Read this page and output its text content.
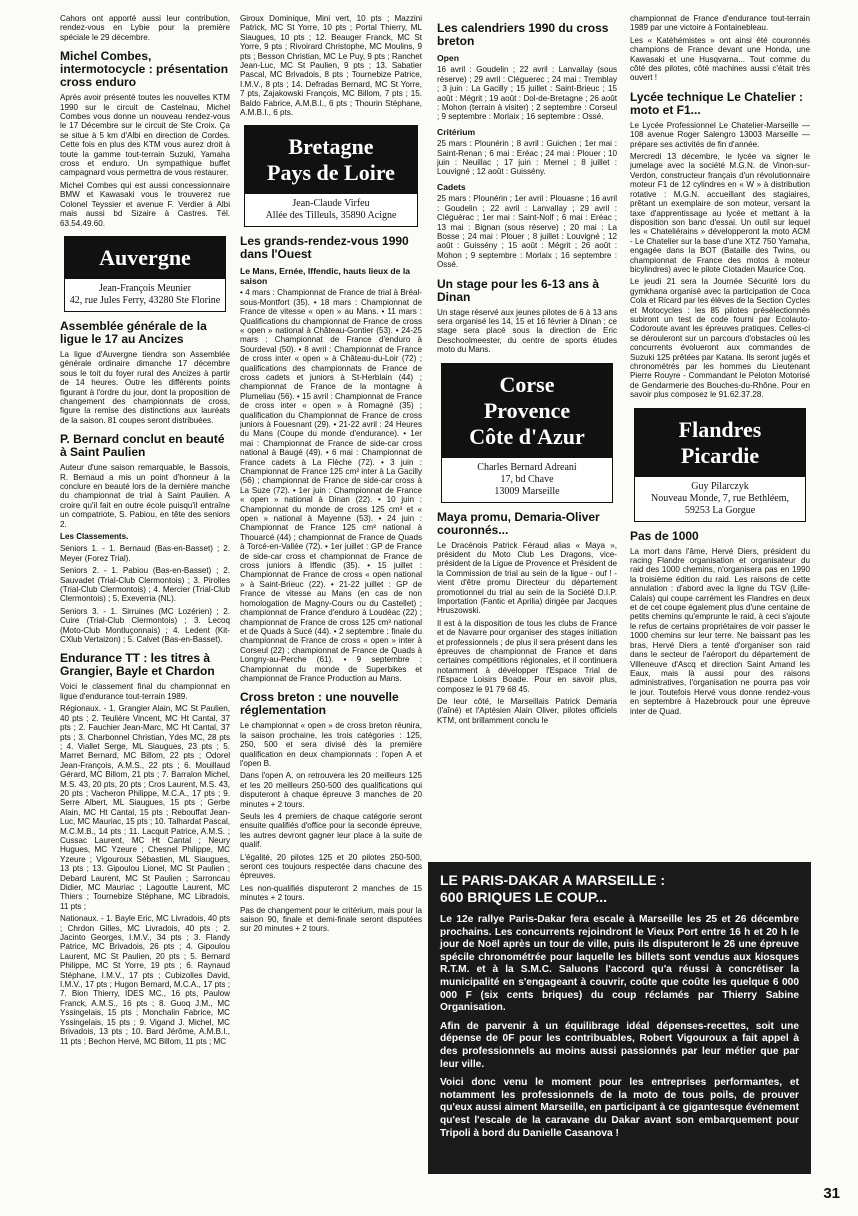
Cahors ont apporté aussi leur contribution, rendez-vous en Lybie pour la première spéciale le 29 décembre.

Michel Combes, intermotocycle : présentation cross enduro

Après avoir présenté toutes les nouvelles KTM 1990 sur le circuit de Castelnau, Michel Combes vous donne un nouveau rendez-vous le 17 Décembre sur le circuit de Ste Croix. Ça se situe à 5 km d'Albi en direction de Cordes. Cette fois en plus des KTM vous aurez droit à toute la gamme tout-terrain Suzuki, Yamaha cross et enduro. Un sympathique buffet campagnard vous permettra de vous restaurer.

Michel Combes qui est aussi concessionnaire BMW et Kawasaki vous le trouverez rue Colonel Teyssier et avenue F. Verdier à Albi mais aussi bd Sizaire à Castres. Tél. 63.54.49.60.

Auvergne
Jean-François Meunier
42, rue Jules Ferry, 43280 Ste Florine
Assemblée générale de la ligue le 17 au Ancizes

La ligue d'Auvergne tiendra son Assemblée générale ordinaire dimanche 17 décembre sous le toit du foyer rural des Ancizes à partir de 14 heures. Outre les différents points figurant à l'ordre du jour, dont la proposition de changement des championnats de cross, figure la remise des distinctions aux lauréats de la saison. 81 coupes seront distribuées.

P. Bernard conclut en beauté à Saint Paulien

Auteur d'une saison remarquable, le Bassois, R. Bernaud a mis un point d'honneur à la conclure en beauté lors de la dernière manche du championnat de trial à Saint Paulien. A croire qu'il fait en outre école puisqu'il entraîne un compatriote, S. Pabiou, en tête des seniors 2.

Les Classements.

Seniors 1. - 1. Bernaud (Bas-en-Basset) ; 2. Meyer (Forez Trial).

Seniors 2. - 1. Pabiou (Bas-en-Basset) ; 2. Sauvadet (Trial-Club Clermontois) ; 3. Pirolles (Trial-Club Clermontois) ; 4. Mercier (Trial-Club Clermontois) ; 5. Exeverria (NL).

Seniors 3. - 1. Sirruines (MC Lozérien) ; 2. Cuire (Trial-Club Clermontois) ; 3. Lecoq (Moto-Club Montluçonnais) ; 4. Ledent (Kit-CXlub Vertaizon) ; 5. Calvet (Bas-en-Basset).

Endurance TT : les titres à Grangier, Bayle et Chardon

Voici le classement final du championnat en ligue d'endurance tout-terrain 1989.

Régionaux. - 1. Grangier Alain, MC St Paulien, 40 pts ; 2. Teulière Vincent, MC Ht Cantal, 37 pts ; 2. Fauchier Jean-Marc, MC Ht Cantal, 37 pts ; 3. Charbonnel Christian, Ydes MC, 28 pts ; 4. Viallet Serge, ML Siaugues, 23 pts ; 5. Marret Bernard, MC Billom, 22 pts ; Odorel Jean-François, A.M.S., 22 pts ; 6. Mouillaud Gérard, MC Billom, 21 pts ; 7. Barralon Michel, M.S. 43, 20 pts, 20 pts ; Cros Laurent, M.S. 43, 20 pts ; Vacheron Philippe, M.C.A., 17 pts ; 9. Serre Albert, ML Siaugues, 15 pts ; Gerbe Alain, MC Ht Cantal, 15 pts ; Rebouffat Jean-Luc, MC Mauriac, 15 pts ; 10. Talhardat Pascal, M.C.M.B., 14 pts ; 11. Lacquit Patrice, A.M.S. ; Cussac Laurent, MC Ht Cantal ; Neury Hugues, MC Yzeure ; Chesnel Philippe, MC Yzeure ; Vigouroux Sébastien, ML Siaugues, 13 pts ; 13. Gipoulou Lionel, MC St Paulien ; Debard Laurent, MC St Paulien ; Sarroncau Didier, MC Mauriac ; Lagoutte Laurent, MC Thiers ; Tournebize Stéphane, MC Libradois, 11 pts ;

Nationaux. - 1. Bayle Eric, MC Livradois, 40 pts ; Chrdon Gilles, MC Livradois, 40 pts ; 2. Jacinto Georges, I.M.V., 34 pts ; 3. Flandy Patrice, MC Brivadois, 26 pts ; 4. Gipoulou Laurent, MC St Paulien, 20 pts ; 5. Bernard Philippe, MC St Yorre, 19 pts ; 6. Raynaud Stéphane, I.M.V., 17 pts ; Cubizolles David, I.M.V., 17 pts ; Hugon Bernard, M.C.A., 17 pts ; 7. Bion Thierry, IDES MC., 16 pts, Paulow Franck, A.M.S., 16 pts ; 8. Guoq J.M., MC Yssingelais, 15 pts ; Monchalin Fabrice, MC Yssingelais, 15 pts ; 9. Vigand J. Michel, MC Brivadois, 13 pts ; 10. Bard Jérôme, A.M.B.I., 11 pts ; Bechon Hervé, MC Billom, 11 pts ; MC

Giroux Dominique, Mini vert, 10 pts ; Mazzini Patrick, MC St Yorre, 10 pts ; Portal Thierry, ML Siaugues, 10 pts ; 12. Beauger Franck, MC St Yorre, 9 pts ; Rivoirard Christophe, MC Moulins, 9 pts ; Besson Christian, MC Le Puy, 9 pts ; Ranchet Jean-Luc, MC St Paulien, 9 pts ; 13. Sabatier Pascal, MC Brivadois, 8 pts ; Tournebize Patrice, I.M.V., 8 pts ; 14. Defradas Bernard, MC St Yorre, 7 pts, Zajakowski François, MC Billom, 7 pts ; 15. Baldo Fabrice, A.M.B.I., 6 pts ; Thourin Stéphane, A.M.B.I., 6 pts.

Bretagne
Pays de Loire
Jean-Claude Virfeu
Allée des Tilleuls, 35890 Acigne
Les grands-rendez-vous 1990 dans l'Ouest
Le Mans, Ernée, Iffendic, hauts lieux de la saison

• 4 mars : Championnat de France de trial à Bréal-sous-Montfort (35). • 18 mars : Championnat de France de vitesse « open » au Mans. • 11 mars : Qualifications du championnat de France de cross « open » national à Château-Gontier (53). • 24-25 mars : Championnat de France d'enduro à Sourdeval (50). • 8 avril : Championnat de France de cross inter « open » à Château-du-Loir (72) ; qualifications des championnats de France de cross cadets et juniors à St-Herblain (44) ; championnat de France de la montagne à Plumeliau (56). • 15 avril : Championnat de France de cross inter « open » à Romagné (35) ; qualification du Championnat de France de cross juniors à Fouesnant (29). • 21-22 avril : 24 Heures du Mans (Coupe du monde d'endurance). • 1er mai : Championnat de France de side-car cross national à Baugé (49). • 6 mai : Championnat de France cadets à La Flèche (72). • 3 juin : Championnat de France 125 cm³ inter à La Gacilly (56) ; championnat de France de side-car cross à La Suze (72). • 1er juin : Championnat de France « open » national à Dinan (22). • 10 juin : Championnat du monde de cross 125 cm³ et « open » national à Mayenne (53). • 24 juin : Championnat de France 125 cm³ national à Thouarcé (44) ; championnat de France de Quads à Torcé-en-Vallée (72). • 1er juillet : GP de France de side-car cross et championnat de France de cross juniors à Iffendic (35). • 15 juillet : Championnat de France de cross « open national » à Saint-Brieuc (22). • 21-22 juillet : GP de France de vitesse au Mans (en cas de non homologation de Magny-Cours ou du Castellet) ; championnat de France d'enduro à Loudéac (22) ; championnat de France de cross 125 cm³ national et de Quads à Sucé (44). • 2 septembre : finale du championnat de France de cross « open » inter à Corseul (22) ; championnat de France de Quads à Longny-au-Perche (61). • 9 septembre : Championnat du monde de Superbikes et championnat de France Production au Mans.

Cross breton : une nouvelle réglementation

Le championnat « open » de cross breton réunira, la saison prochaine, les trois catégories : 125, 250, 500 et sera divisé dès la première qualification en deux championnats : l'open A et l'open B.

Dans l'open A, on retrouvera les 20 meilleurs 125 et les 20 meilleurs 250-500 des qualifications qui disputeront à chaque épreuve 3 manches de 20 minutes + 2 tours.

Seuls les 4 premiers de chaque catégorie seront ensuite qualifiés d'office pour la seconde épreuve, les autres devront gagner leur place à la suite de qualif.

L'égalité, 20 pilotes 125 et 20 pilotes 250-500, seront ces toujours respectée dans chacune des épreuves.

Les non-qualifiés disputeront 2 manches de 15 minutes + 2 tours.

Pas de changement pour le critérium, mais pour la saison 90, finale et demi-finale seront disputées sur 20 minutes + 2 tours.

Les calendriers 1990 du cross breton
Open

16 avril : Goudelin ; 22 avril : Lanvallay (sous réserve) ; 29 avril : Cléguerec ; 24 mai : Tremblay ; 3 juin : La Gacilly ; 15 juillet : Saint-Brieuc ; 15 août : Mégrit ; 19 août : Dol-de-Bretagne ; 26 août : Mohon (terrain à visiter) ; 2 septembre : Corseul ; 9 septembre : Morlaix ; 16 septembre : Ossé.

Critérium

25 mars : Plounérin ; 8 avril : Guichen ; 1er mai : Saint-Renan ; 6 mai : Eréac ; 24 mai : Plouer ; 10 juin : Neuillac ; 17 juin : Mernel ; 8 juillet : Louvigné ; 12 août : Guissény.

Cadets

25 mars : Plounérin ; 1er avril : Plouasne ; 16 avril : Goudelin ; 22 avril : Lanvallay ; 29 avril : Cléguérac ; 1er mai : Saint-Nolf ; 6 mai : Eréac ; 13 mai : Bignan (sous réserve) ; 20 mai : La Bosse ; 24 mai : Plouer ; 8 juillet : Louvigné ; 12 août : Guissény ; 15 août : Mégrit ; 26 août : Mohon ; 9 septembre : Morlaix ; 16 septembre : Ossé.

Un stage pour les 6-13 ans à Dinan

Un stage réservé aux jeunes pilotes de 6 à 13 ans sera organisé les 14, 15 et 16 février à Dinan ; ce stage sera placé sous la direction de Eric Deschoolmeester, du centre de sports études moto du Mans.

Corse
Provence
Côte d'Azur
Charles Bernard Adreani
17, bd Chave
13009 Marseille
Maya promu, Demaria-Oliver couronnés...

Le Dracénois Patrick Féraud alias « Maya », président du Moto Club Les Dragons, vice-président de la Ligue de Provence et Président de la Commission de trial au sein de la ligue - ouf ! - vient d'être promu Directeur du département promotionnel du trial au sein de la Société D.I.P. Importation (Fantic et Aprilia) dirigée par Jacques Hruszowski.

Il est à la disposition de tous les clubs de France et de Navarre pour organiser des stages initiation et professionnels ; de plus il sera présent dans les épreuves de championnat de France et dans certaines compétitions régionales, et il continuera notamment à développer l'Espace Trial de l'Espace Loisirs Boade. Pour en savoir plus, composez le 91 79 68 45.

De leur côté, le Marseillais Patrick Demaria (l'aîné) et l'Aptésien Alain Oliver, pilotes officiels KTM, ont brillamment conclu le

championnat de France d'endurance tout-terrain 1989 par une victoire à Fontainebleau.

Les « Katéhémistes » ont ainsi été couronnés champions de France devant une Honda, une Kawasaki et une Husqvarna... Tout comme du côté des pilotes, côté machines aussi c'était très ouvert !

Lycée technique Le Chatelier : moto et F1...

Le Lycée Professionnel Le Chatelier-Marseille — 108 avenue Roger Salengro 13003 Marseille — prépare ses activités de fin d'année.

Mercredi 13 décembre, le lycée va signer le jumelage avec la société M.G.N. de Vinon-sur-Verdon, constructeur français d'un révolutionnaire moteur F1 de 12 cylindres en « W » à distribution rotative : M.G.N. accueillant des stagiaires, prêtant un exemplaire de son moteur, versant la taxe d'apprentissage au lycée et mettant à la disposition son banc d'essai. Un outil sur lequel les « Chateliérains » développeront la moto ACM - Le Chatelier sur la base d'une XTZ 750 Yamaha, engagée dans la BOT (Bataille des Twins, ou championnat de France des motos à moteur bicylindres) avec le pilote Ciotaden Maurice Coq.

Le jeudi 21 sera la Journée Sécurité lors du gymkhana organisé avec la participation de Coca Cola et Ricard par les élèves de la Section Cycles et Motocycles : les 85 pilotes présélectionnés subiront un test de code fourni par Ecolauto-Codoroute avant les épreuves pratiques. Celles-ci se dérouleront sur un parcours d'obstacles où les concurrents évolueront aux commandes de Suzuki 125 prêtées par Katana. Ils seront jugés et chronométrés par les hommes du Lieutenant Pierre Rouyre - Commandant le Peloton Motorisé de Gendarmerie des Bouches-du-Rhône. Pour en savoir plus composez le 91.62.37.28.

Flandres
Picardie
Guy Pilarczyk
Nouveau Monde, 7, rue Bethléem,
59253 La Gorgue
Pas de 1000

La mort dans l'âme, Hervé Diers, président du racing Flandre organisation et organisateur du raid des 1000 chemins, n'organisera pas en 1990 la troisième édition du raid. Les raisons de cette annulation : d'abord avec la ligne du TGV (Lille-Calais) qui coupe carrément les Flandres en deux et de cet coupe également plus d'une centaine de petits chemins qu'emprunte le raid, à ceci s'ajoute le refus de certains propriétaires de voir passer le 1000 chemins sur leur terre. Ne baissant pas les bras, Hervé Diers a tenté d'organiser son raid dans le secteur de l'aéroport du département de Villeneuve d'Ascq et direction Saint Amand les Eaux, mais là aussi pour des raisons administratives, l'organisation ne pourra pas voir le jour. Toutefois Hervé vous donne rendez-vous en septembre à Hazebrouck pour une épreuve inter de Quad.

LE PARIS-DAKAR A MARSEILLE :
600 BRIQUES LE COUP...

Le 12e rallye Paris-Dakar fera escale à Marseille les 25 et 26 décembre prochains. Les concurrents rejoindront le Vieux Port entre 16 h et 20 h le jour de Noël après un tour de ville, puis ils disputeront le 26 une épreuve spécile chronométrée pour laquelle les billets sont vendus aux kiosques R.T.M. et à la S.M.C. Saluons l'accord qu'a réussi à concrétiser la municipalité en s'engageant à couvrir, coûte que coûte les quelque 6 000 000 F (six cents briques) du coup réclamés par Thierry Sabine Organisation.

Afin de parvenir à un équilibrage idéal dépenses-recettes, soit une dépense de 0F pour les contribuables, Robert Vigouroux a fait appel à des professionnels au moins aussi passionnés par leur métier que par leur ville.

Voici donc venu le moment pour les entreprises performantes, et notamment les professionnels de la moto de tous poils, de prouver qu'eux aussi aiment Marseille, en participant à ce gigantesque événement qu'est l'escale de la caravane du Dakar avant son embarquement pour Tripoli à bord du Danielle Casanova !

31
